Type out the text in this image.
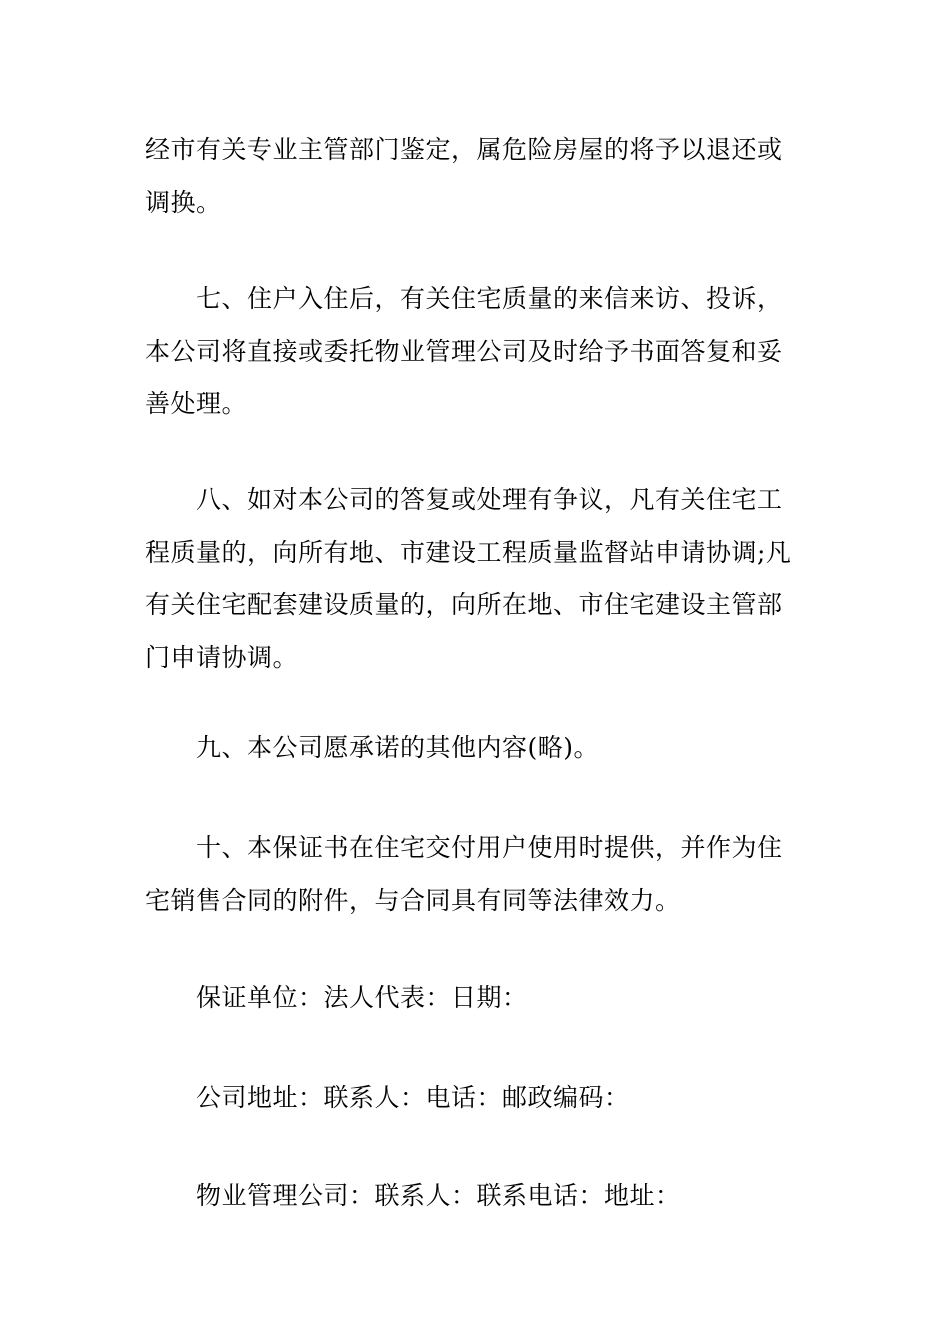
经市有关专业主管部门鉴定，属危险房屋的将予以退还或
调换。

七、住户入住后，有关住宅质量的来信来访、投诉，
本公司将直接或委托物业管理公司及时给予书面答复和妥
善处理。

八、如对本公司的答复或处理有争议，凡有关住宅工
程质量的，向所有地、市建设工程质量监督站申请协调;凡
有关住宅配套建设质量的，向所在地、市住宅建设主管部
门申请协调。

九、本公司愿承诺的其他内容(略)。

十、本保证书在住宅交付用户使用时提供，并作为住
宅销售合同的附件，与合同具有同等法律效力。

保证单位：法人代表：日期：

公司地址：联系人：电话：邮政编码：

物业管理公司：联系人：联系电话：地址：
